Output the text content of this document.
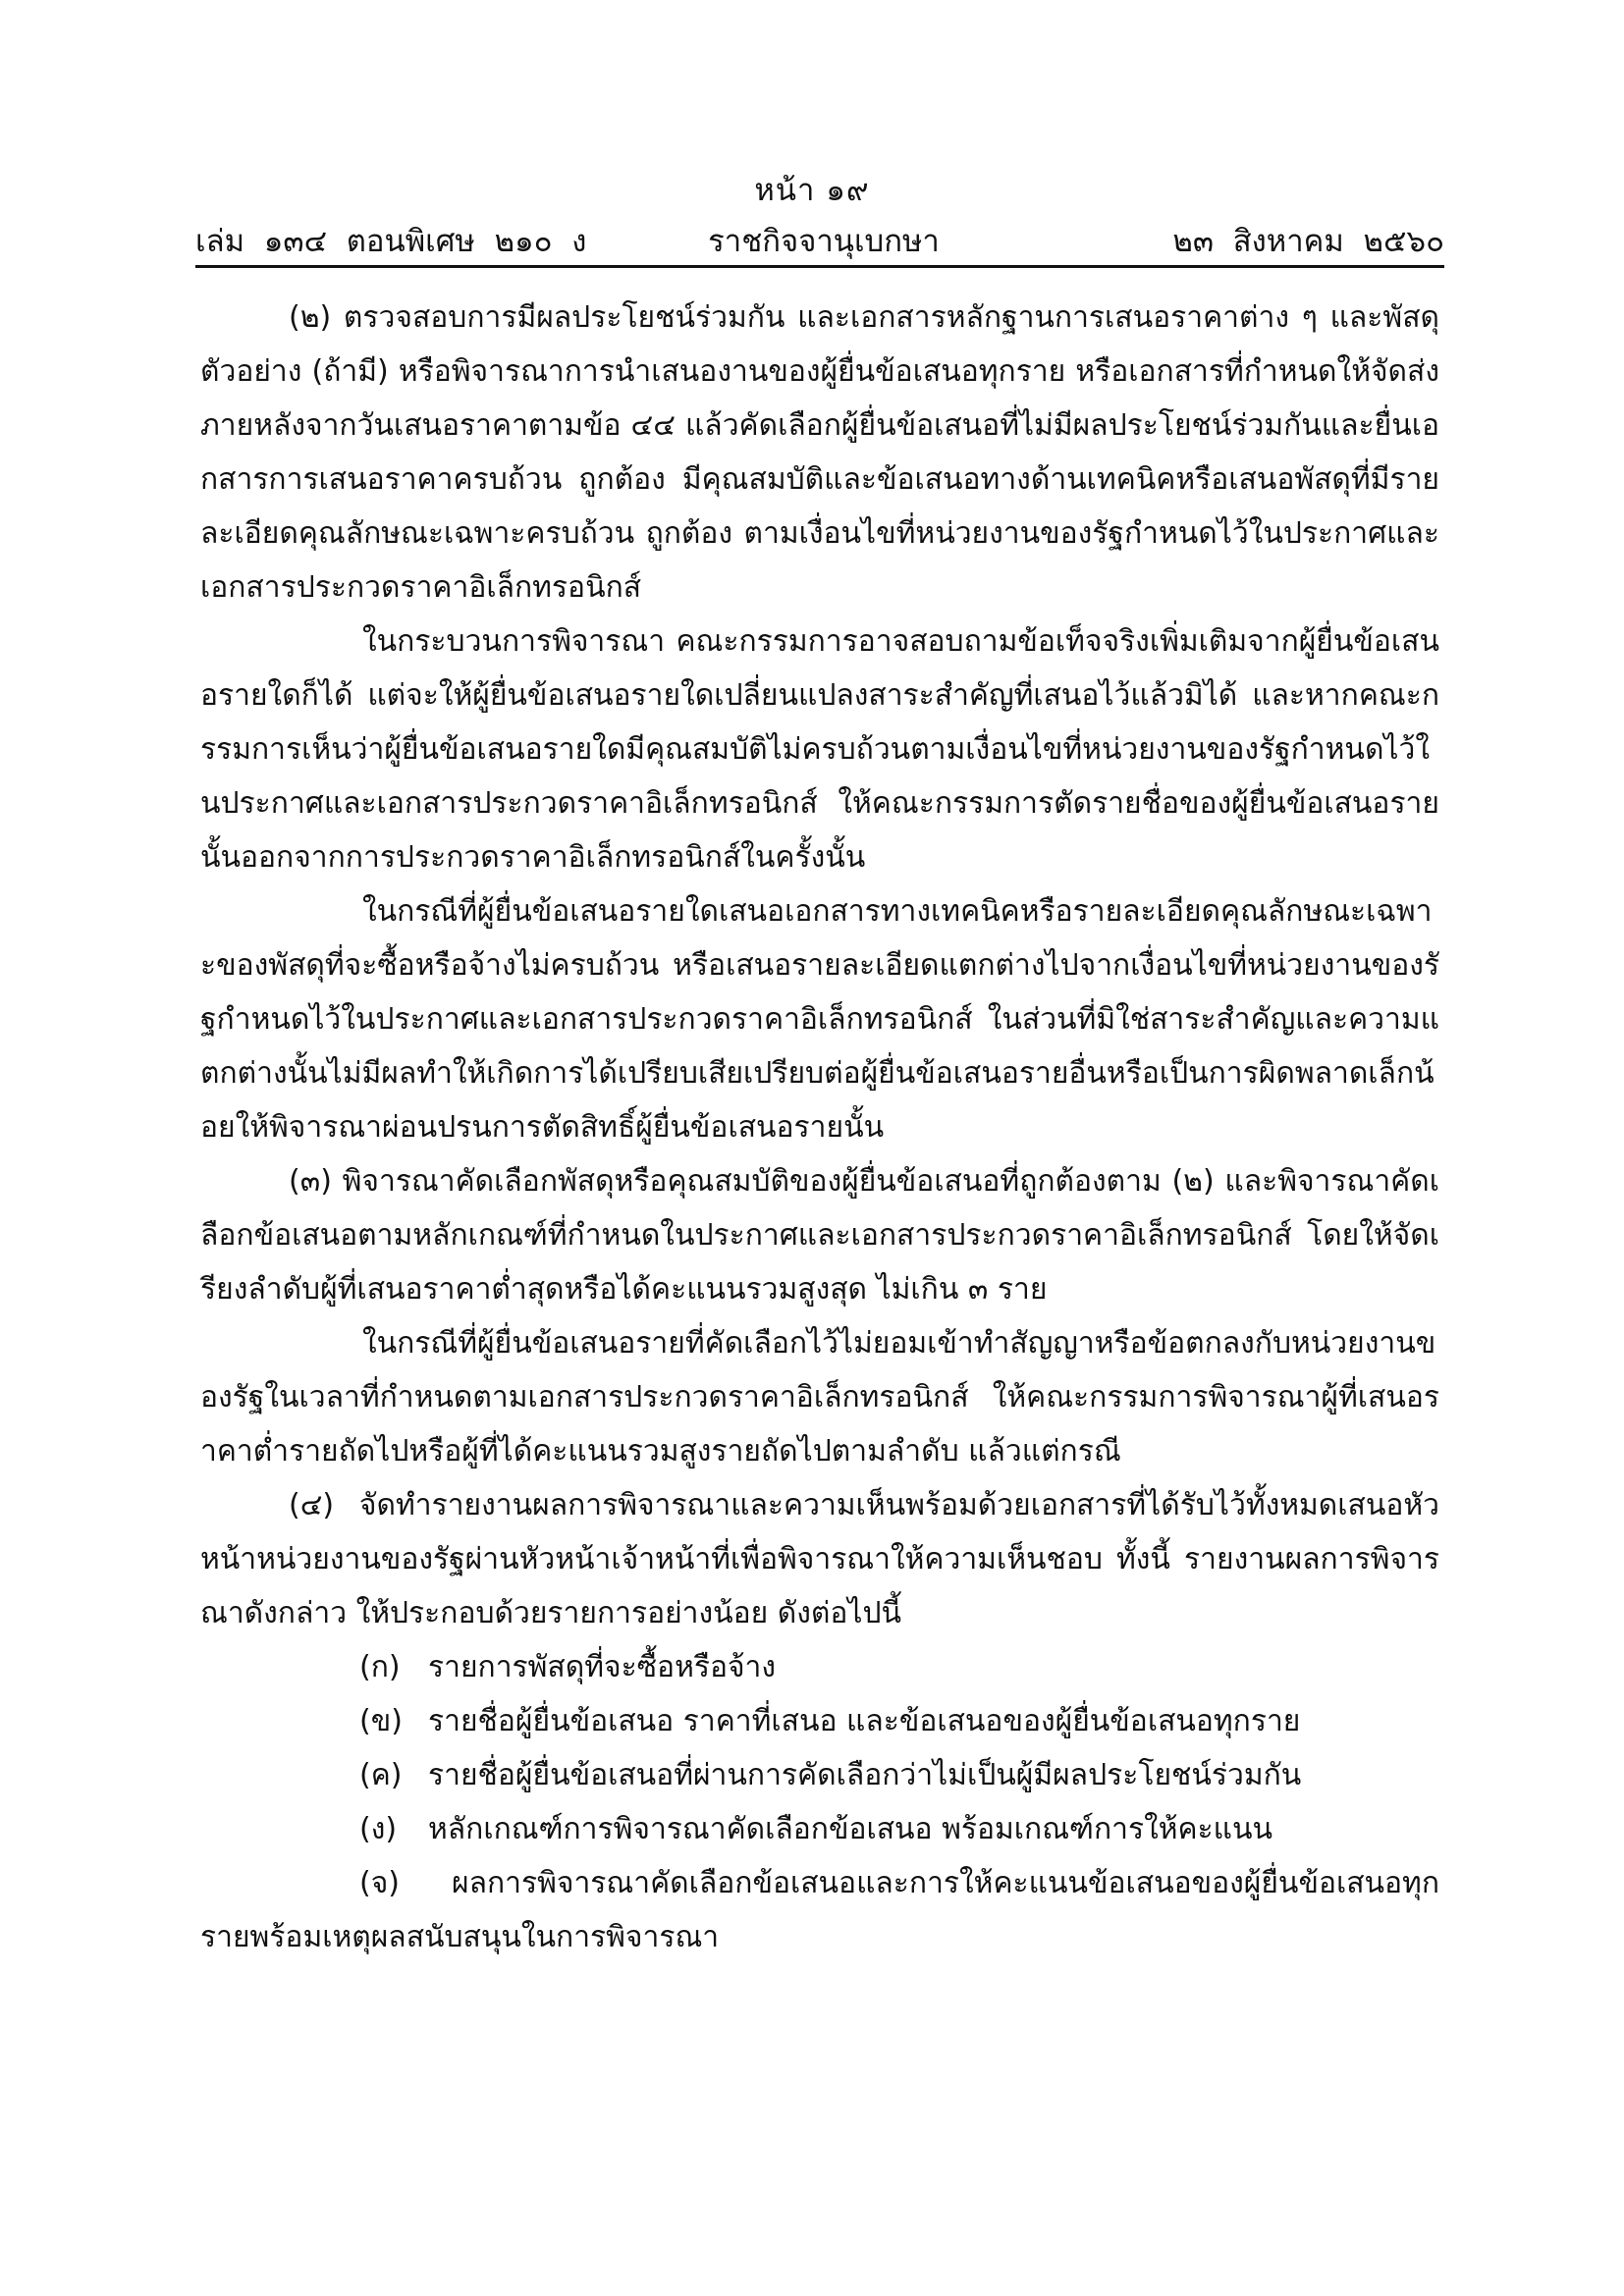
หน้า ๑๙
เล่ม  ๑๓๔  ตอนพิเศษ  ๒๑๐  ง	ราชกิจจานุเบกษา	๒๓  สิงหาคม  ๒๕๖๐

(๒) ตรวจสอบการมีผลประโยชน์ร่วมกัน และเอกสารหลักฐานการเสนอราคาต่าง ๆ และพัสดุตัวอย่าง (ถ้ามี) หรือพิจารณาการนำเสนองานของผู้ยื่นข้อเสนอทุกราย หรือเอกสารที่กำหนดให้จัดส่งภายหลังจากวันเสนอราคาตามข้อ ๔๔ แล้วคัดเลือกผู้ยื่นข้อเสนอที่ไม่มีผลประโยชน์ร่วมกันและยื่นเอกสารการเสนอราคาครบถ้วน ถูกต้อง มีคุณสมบัติและข้อเสนอทางด้านเทคนิคหรือเสนอพัสดุที่มีรายละเอียดคุณลักษณะเฉพาะครบถ้วน ถูกต้อง ตามเงื่อนไขที่หน่วยงานของรัฐกำหนดไว้ในประกาศและเอกสารประกวดราคาอิเล็กทรอนิกส์

ในกระบวนการพิจารณา คณะกรรมการอาจสอบถามข้อเท็จจริงเพิ่มเติมจากผู้ยื่นข้อเสนอรายใดก็ได้ แต่จะให้ผู้ยื่นข้อเสนอรายใดเปลี่ยนแปลงสาระสำคัญที่เสนอไว้แล้วมิได้ และหากคณะกรรมการเห็นว่าผู้ยื่นข้อเสนอรายใดมีคุณสมบัติไม่ครบถ้วนตามเงื่อนไขที่หน่วยงานของรัฐกำหนดไว้ในประกาศและเอกสารประกวดราคาอิเล็กทรอนิกส์ ให้คณะกรรมการตัดรายชื่อของผู้ยื่นข้อเสนอรายนั้นออกจากการประกวดราคาอิเล็กทรอนิกส์ในครั้งนั้น

ในกรณีที่ผู้ยื่นข้อเสนอรายใดเสนอเอกสารทางเทคนิคหรือรายละเอียดคุณลักษณะเฉพาะของพัสดุที่จะซื้อหรือจ้างไม่ครบถ้วน หรือเสนอรายละเอียดแตกต่างไปจากเงื่อนไขที่หน่วยงานของรัฐกำหนดไว้ในประกาศและเอกสารประกวดราคาอิเล็กทรอนิกส์ ในส่วนที่มิใช่สาระสำคัญและความแตกต่างนั้นไม่มีผลทำให้เกิดการได้เปรียบเสียเปรียบต่อผู้ยื่นข้อเสนอรายอื่นหรือเป็นการผิดพลาดเล็กน้อยให้พิจารณาผ่อนปรนการตัดสิทธิ์ผู้ยื่นข้อเสนอรายนั้น

(๓) พิจารณาคัดเลือกพัสดุหรือคุณสมบัติของผู้ยื่นข้อเสนอที่ถูกต้องตาม (๒) และพิจารณาคัดเลือกข้อเสนอตามหลักเกณฑ์ที่กำหนดในประกาศและเอกสารประกวดราคาอิเล็กทรอนิกส์ โดยให้จัดเรียงลำดับผู้ที่เสนอราคาต่ำสุดหรือได้คะแนนรวมสูงสุด ไม่เกิน ๓ ราย

ในกรณีที่ผู้ยื่นข้อเสนอรายที่คัดเลือกไว้ไม่ยอมเข้าทำสัญญาหรือข้อตกลงกับหน่วยงานของรัฐในเวลาที่กำหนดตามเอกสารประกวดราคาอิเล็กทรอนิกส์ ให้คณะกรรมการพิจารณาผู้ที่เสนอราคาต่ำรายถัดไปหรือผู้ที่ได้คะแนนรวมสูงรายถัดไปตามลำดับ แล้วแต่กรณี

(๔) จัดทำรายงานผลการพิจารณาและความเห็นพร้อมด้วยเอกสารที่ได้รับไว้ทั้งหมดเสนอหัวหน้าหน่วยงานของรัฐผ่านหัวหน้าเจ้าหน้าที่เพื่อพิจารณาให้ความเห็นชอบ ทั้งนี้ รายงานผลการพิจารณาดังกล่าว ให้ประกอบด้วยรายการอย่างน้อย ดังต่อไปนี้

(ก) รายการพัสดุที่จะซื้อหรือจ้าง
(ข) รายชื่อผู้ยื่นข้อเสนอ ราคาที่เสนอ และข้อเสนอของผู้ยื่นข้อเสนอทุกราย
(ค) รายชื่อผู้ยื่นข้อเสนอที่ผ่านการคัดเลือกว่าไม่เป็นผู้มีผลประโยชน์ร่วมกัน
(ง)	หลักเกณฑ์การพิจารณาคัดเลือกข้อเสนอ พร้อมเกณฑ์การให้คะแนน

(จ) ผลการพิจารณาคัดเลือกข้อเสนอและการให้คะแนนข้อเสนอของผู้ยื่นข้อเสนอทุกรายพร้อมเหตุผลสนับสนุนในการพิจารณา
